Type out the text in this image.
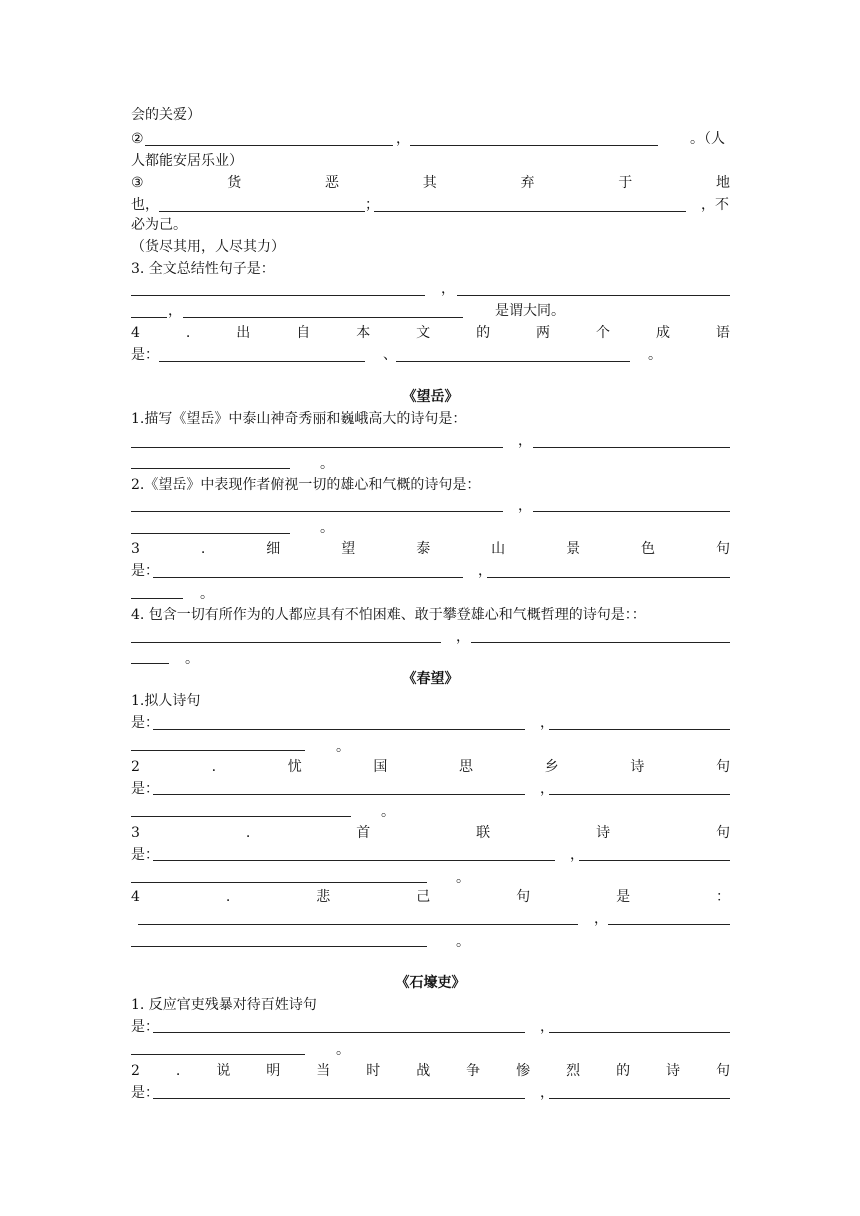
会的关爱）
②	，	。（人
人都能安居乐业）
③	货	恶	其	弃	于	地
也，	；	，不
必为己。
（货尽其用，人尽其力）
3. 全文总结性句子是：
，
，	是谓大同。
4	.	出	自	本	文	的	两	个	成	语
是：	、	。
《望岳》
1.描写《望岳》中泰山神奇秀丽和巍峨高大的诗句是：
，
。
2.《望岳》中表现作者俯视一切的雄心和气概的诗句是：
，
。
3	.	细	望	泰	山	景	色	句
是：	，
。
4. 包含一切有所作为的人都应具有不怕困难、敢于攀登雄心和气概哲理的诗句是：：
，
。
《春望》
1.拟人诗句
是：	，
。
2	.	忧	国	思	乡	诗	句
是：	，
。
3	.	首	联	诗	句
是：	，
。
4	.	悲	己	句	是	：
，
。
《石壕吏》
1. 反应官吏残暴对待百姓诗句
是：	，
。
2	.	说	明	当	时	战	争	惨	烈	的	诗	句
是：	，
